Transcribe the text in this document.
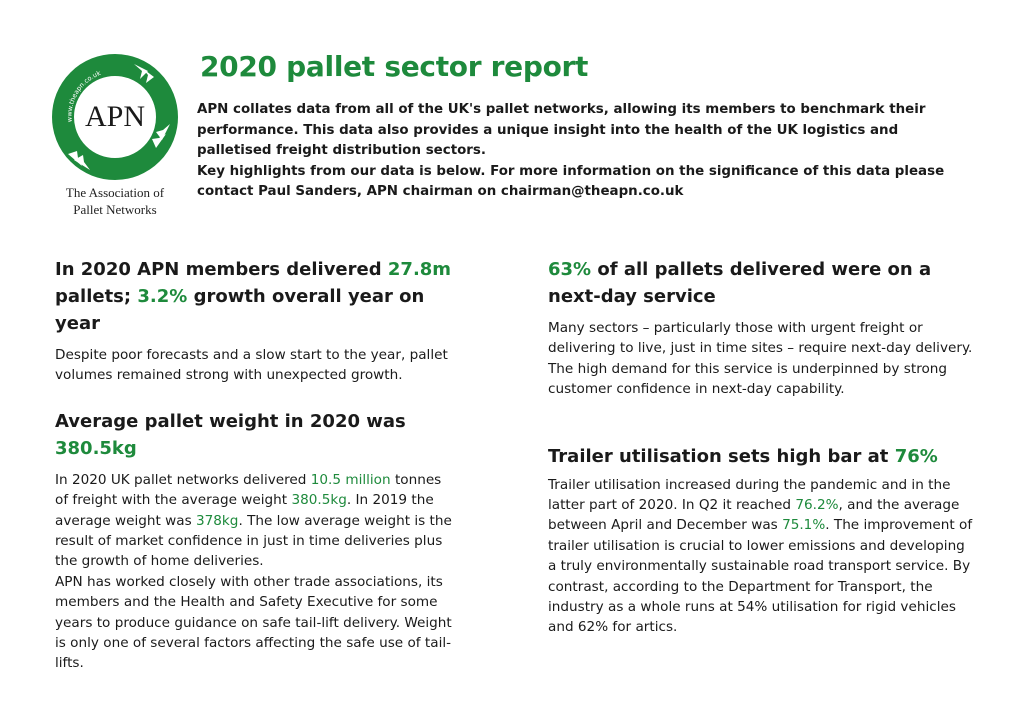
www.theapn.co.uk
APN
The Association of
Pallet Networks
2020 pallet sector report

APN collates data from all of the UK's pallet networks, allowing its members to benchmark their performance. This data also provides a unique insight into the health of the UK logistics and palletised freight distribution sectors.

Key highlights from our data is below. For more information on the significance of this data please contact Paul Sanders, APN chairman on chairman@theapn.co.uk

In 2020 APN members delivered 27.8m pallets; 3.2% growth overall year on year

Despite poor forecasts and a slow start to the year, pallet volumes remained strong with unexpected growth.

Average pallet weight in 2020 was 380.5kg

In 2020 UK pallet networks delivered 10.5 million tonnes of freight with the average weight 380.5kg. In 2019 the average weight was 378kg. The low average weight is the result of market confidence in just in time deliveries plus the growth of home deliveries.

APN has worked closely with other trade associations, its members and the Health and Safety Executive for some years to produce guidance on safe tail-lift delivery. Weight is only one of several factors affecting the safe use of tail-lifts.

63% of all pallets delivered were on a next-day service

Many sectors – particularly those with urgent freight or delivering to live, just in time sites – require next-day delivery. The high demand for this service is underpinned by strong customer confidence in next-day capability.

Trailer utilisation sets high bar at 76%

Trailer utilisation increased during the pandemic and in the latter part of 2020. In Q2 it reached 76.2%, and the average between April and December was 75.1%. The improvement of trailer utilisation is crucial to lower emissions and developing a truly environmentally sustainable road transport service. By contrast, according to the Department for Transport, the industry as a whole runs at 54% utilisation for rigid vehicles and 62% for artics.
